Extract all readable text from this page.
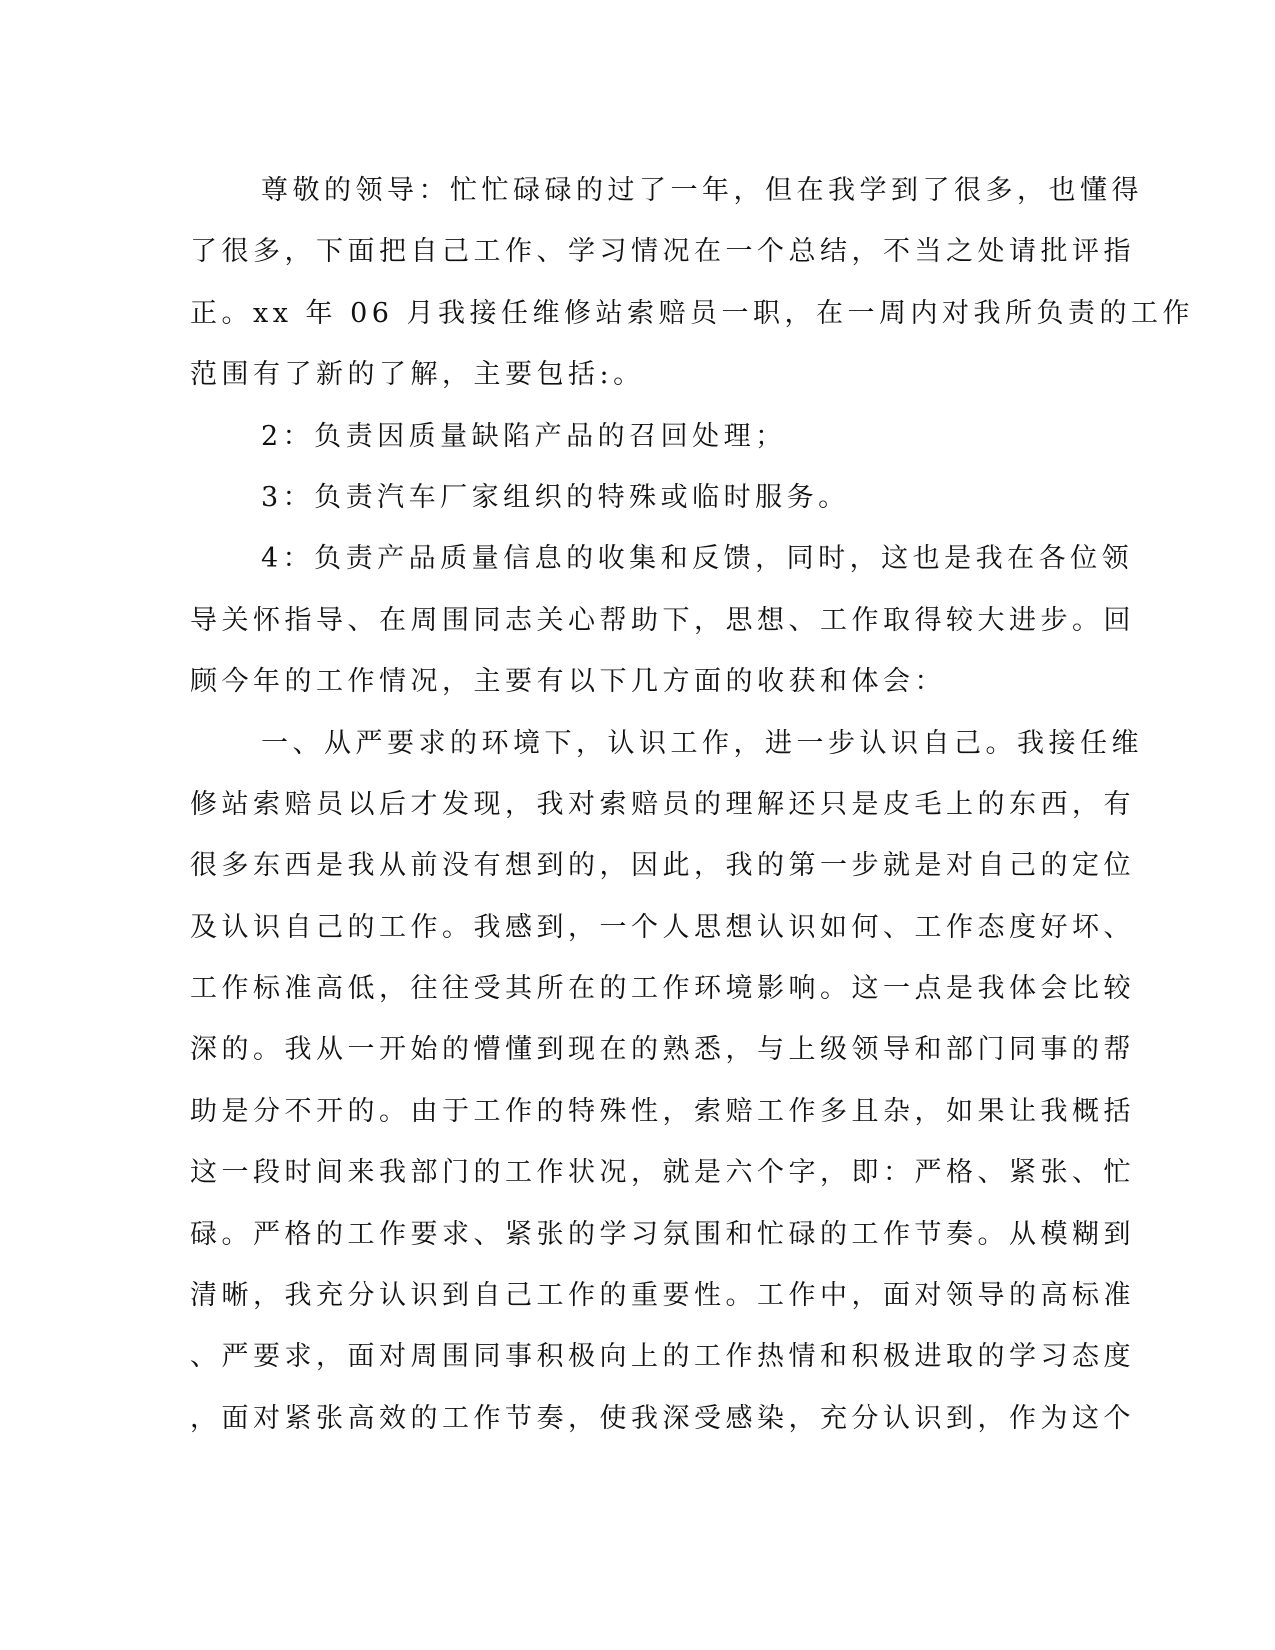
尊敬的领导：忙忙碌碌的过了一年，但在我学到了很多，也懂得
了很多，下面把自己工作、学习情况在一个总结，不当之处请批评指
正。xx 年 06 月我接任维修站索赔员一职，在一周内对我所负责的工作
范围有了新的了解，主要包括:。
2：负责因质量缺陷产品的召回处理；
3：负责汽车厂家组织的特殊或临时服务。
4：负责产品质量信息的收集和反馈，同时，这也是我在各位领
导关怀指导、在周围同志关心帮助下，思想、工作取得较大进步。回
顾今年的工作情况，主要有以下几方面的收获和体会：
一、从严要求的环境下，认识工作，进一步认识自己。我接任维
修站索赔员以后才发现，我对索赔员的理解还只是皮毛上的东西，有
很多东西是我从前没有想到的，因此，我的第一步就是对自己的定位
及认识自己的工作。我感到，一个人思想认识如何、工作态度好坏、
工作标准高低，往往受其所在的工作环境影响。这一点是我体会比较
深的。我从一开始的懵懂到现在的熟悉，与上级领导和部门同事的帮
助是分不开的。由于工作的特殊性，索赔工作多且杂，如果让我概括
这一段时间来我部门的工作状况，就是六个字，即：严格、紧张、忙
碌。严格的工作要求、紧张的学习氛围和忙碌的工作节奏。从模糊到
清晰，我充分认识到自己工作的重要性。工作中，面对领导的高标准
、严要求，面对周围同事积极向上的工作热情和积极进取的学习态度
，面对紧张高效的工作节奏，使我深受感染，充分认识到，作为这个
